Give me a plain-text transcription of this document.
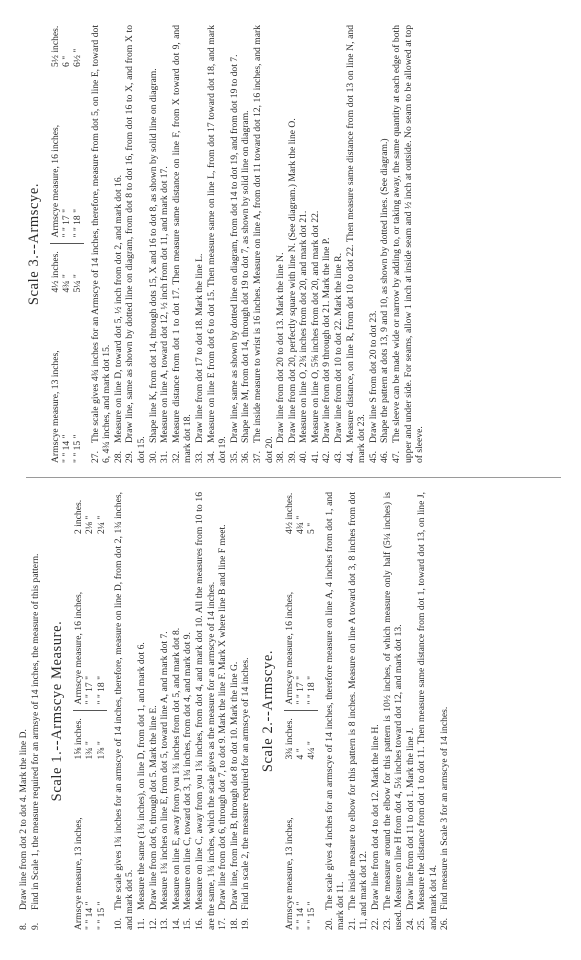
8.Draw line from dot 2 to dot 4. Mark the line D.

9.Find in Scale 1, the measure required for an armsye of 14 inches, the measure of this pattern. Scale 1.--Armscye Measure.
Armscye measure, 13 inches,
1⅝ inches.
" " 14 "
1¾ "
" " 15 "
1⅞ "
Armscye measure, 16 inches,
2 inches.
" " 17 "
2⅛ "
" " 18 "
2¼ "

10.The scale gives 1¾ inches for an armscye of 14 inches, therefore, measure on line D, from dot 2, 1¾ inches, and mark dot 5. 11.Measure the same (1¾ inches), on line D, from dot 1, and mark dot 6.

12.Draw line from dot 6, through dot 5. Mark the line E.

13.Measure 1¾ inches on line E, from dot 5, toward line A, and mark dot 7.

14.Measure on line E, away from you 1¾ inches from dot 5, and mark dot 8.

15.Measure on line C, toward dot 3, 1¾ inches, from dot 4, and mark dot 9.

16.Measure on line C, away from you 1¾ inches, from dot 4, and mark dot 10. All the measures from 10 to 16 are the same, 1¾ inches, which the scale gives as the measure for an armscye of 14 inches. 17.Draw line from dot 6, through dot 7, to dot 9. Mark the line F. Mark X where line B and line F meet.

18.Draw line, from line B, through dot 8 to dot 10. Mark the line G.

19.Find in scale 2, the measure required for an armscye of 14 inches. Scale 2.--Armscye.
Armscye measure, 13 inches,
3¾ inches.
" " 14 "
4 "
" " 15 "
4¼ "
Armscye measure, 16 inches,
4½ inches.
" " 17 "
4¾ "
" " 18 "
5 "

20.The scale gives 4 inches for an armscye of 14 inches, therefore measure on line A, 4 inches from dot 1, and mark dot 11. 21.The inside measure to elbow for this pattern is 8 inches. Measure on line A toward dot 3, 8 inches from dot 11, and mark dot 12. 22.Draw line from dot 4 to dot 12. Mark the line H.

23.The measure around the elbow for this pattern is 10½ inches, of which measure only half (5¼ inches) is used. Measure on line H from dot 4, 5¼ inches toward dot 12, and mark dot 13. 24.Draw line from dot 11 to dot 1. Mark the line J.

25.Measure the distance from dot 1 to dot 11. Then measure same distance from dot 1, toward dot 13, on line J, and mark dot 14. 26.Find measure in Scale 3 for an armscye of 14 inches.

Scale 3.--Armscye.
Armscye measure, 13 inches,
4½ inches.
" " 14 "
4¾ "
" " 15 "
5¼ "
Armscye measure, 16 inches,
5½ inches.
" " 17 "
6 "
" " 18 "
6½ "

27.The scale gives 4¾ inches for an Armscye of 14 inches, therefore, measure from dot 5, on line E, toward dot 6, 4¾ inches, and mark dot 15. 28.Measure on line D, toward dot 5, ½ inch from dot 2, and mark dot 16.

29.Draw line, same as shown by dotted line on diagram, from dot 8 to dot 16, from dot 16 to X, and from X to dot 15. 30.Shape line K, from dot 14, through dots 15, X and 16 to dot 8, as shown by solid line on diagram.

31.Measure on line A, toward dot 12, ½ inch from dot 11, and mark dot 17.

32.Measure distance from dot 1 to dot 17. Then measure same distance on line F, from X toward dot 9, and mark dot 18. 33.Draw line from dot 17 to dot 18. Mark the line L.

34.Measure on line E from dot 6 to dot 15. Then measure same on line L, from dot 17 toward dot 18, and mark dot 19. 35.Draw line, same as shown by dotted line on diagram, from dot 14 to dot 19, and from dot 19 to dot 7.

36.Shape line M, from dot 14, through dot 19 to dot 7, as shown by solid line on diagram.

37.The inside measure to wrist is 16 inches. Measure on line A, from dot 11 toward dot 12, 16 inches, and mark dot 20. 38.Draw line from dot 20 to dot 13. Mark the line N.

39.Draw line from dot 20, perfectly square with line N. (See diagram.) Mark the line O.

40.Measure on line O, 2¾ inches from dot 20, and mark dot 21.

41.Measure on line O, 5⅝ inches from dot 20, and mark dot 22.

42.Draw line from dot 9 through dot 21. Mark the line P.

43.Draw line from dot 10 to dot 22. Mark the line R.

44.Measure distance, on line R, from dot 10 to dot 22. Then measure same distance from dot 13 on line N, and mark dot 23. 45.Draw line S from dot 20 to dot 23.

46.Shape the pattern at dots 13, 9 and 10, as shown by dotted lines. (See diagram.)

47.The sleeve can be made wide or narrow by adding to, or taking away, the same quantity at each edge of both upper and under side. For seams, allow 1 inch at inside seam and ½ inch at outside. No seam to be allowed at top of sleeve.
